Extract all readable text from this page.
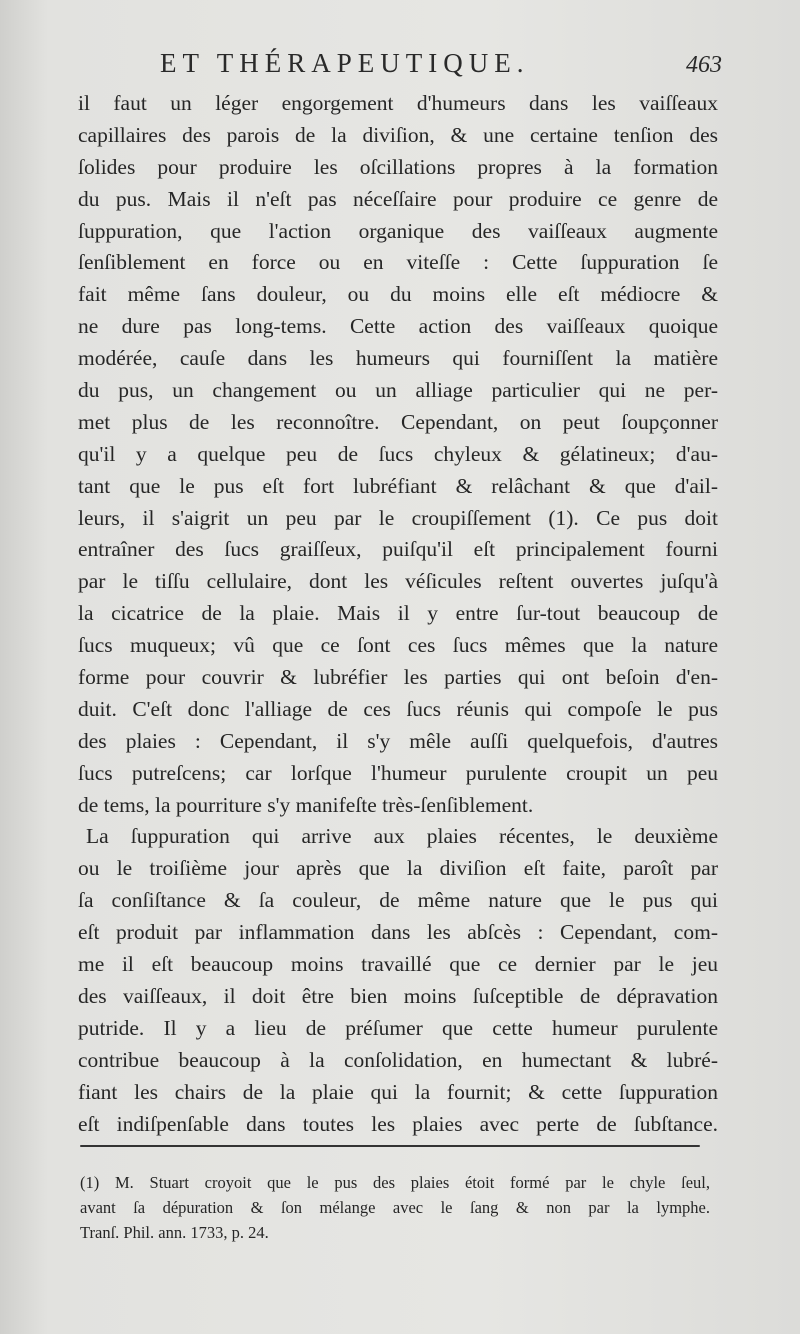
ET THÉRAPEUTIQUE.	463
il faut un léger engorgement d'humeurs dans les vaiſſeaux
capillaires des parois de la diviſion, & une certaine tenſion des
ſolides pour produire les oſcillations propres à la formation
du pus. Mais il n'eſt pas néceſſaire pour produire ce genre de
ſuppuration, que l'action organique des vaiſſeaux augmente
ſenſiblement en force ou en viteſſe : Cette ſuppuration ſe
fait même ſans douleur, ou du moins elle eſt médiocre &
ne dure pas long-tems. Cette action des vaiſſeaux quoique
modérée, cauſe dans les humeurs qui fourniſſent la matière
du pus, un changement ou un alliage particulier qui ne per-
met plus de les reconnoître. Cependant, on peut ſoupçonner
qu'il y a quelque peu de ſucs chyleux & gélatineux; d'au-
tant que le pus eſt fort lubréfiant & relâchant & que d'ail-
leurs, il s'aigrit un peu par le croupiſſement (1). Ce pus doit
entraîner des ſucs graiſſeux, puiſqu'il eſt principalement fourni
par le tiſſu cellulaire, dont les véſicules reſtent ouvertes juſqu'à
la cicatrice de la plaie. Mais il y entre ſur-tout beaucoup de
ſucs muqueux; vû que ce ſont ces ſucs mêmes que la nature
forme pour couvrir & lubréfier les parties qui ont beſoin d'en-
duit. C'eſt donc l'alliage de ces ſucs réunis qui compoſe le pus
des plaies : Cependant, il s'y mêle auſſi quelquefois, d'autres
ſucs putreſcens; car lorſque l'humeur purulente croupit un peu
de tems, la pourriture s'y manifeſte très-ſenſiblement.
La ſuppuration qui arrive aux plaies récentes, le deuxième
ou le troiſième jour après que la diviſion eſt faite, paroît par
ſa conſiſtance & ſa couleur, de même nature que le pus qui
eſt produit par inflammation dans les abſcès : Cependant, com-
me il eſt beaucoup moins travaillé que ce dernier par le jeu
des vaiſſeaux, il doit être bien moins ſuſceptible de dépravation
putride. Il y a lieu de préſumer que cette humeur purulente
contribue beaucoup à la conſolidation, en humectant & lubré-
fiant les chairs de la plaie qui la fournit; & cette ſuppuration
eſt indiſpenſable dans toutes les plaies avec perte de ſubſtance.
(1) M. Stuart croyoit que le pus des plaies étoit formé par le chyle ſeul,
avant ſa dépuration & ſon mélange avec le ſang & non par la lymphe.
Tranſ. Phil. ann. 1733, p. 24.
